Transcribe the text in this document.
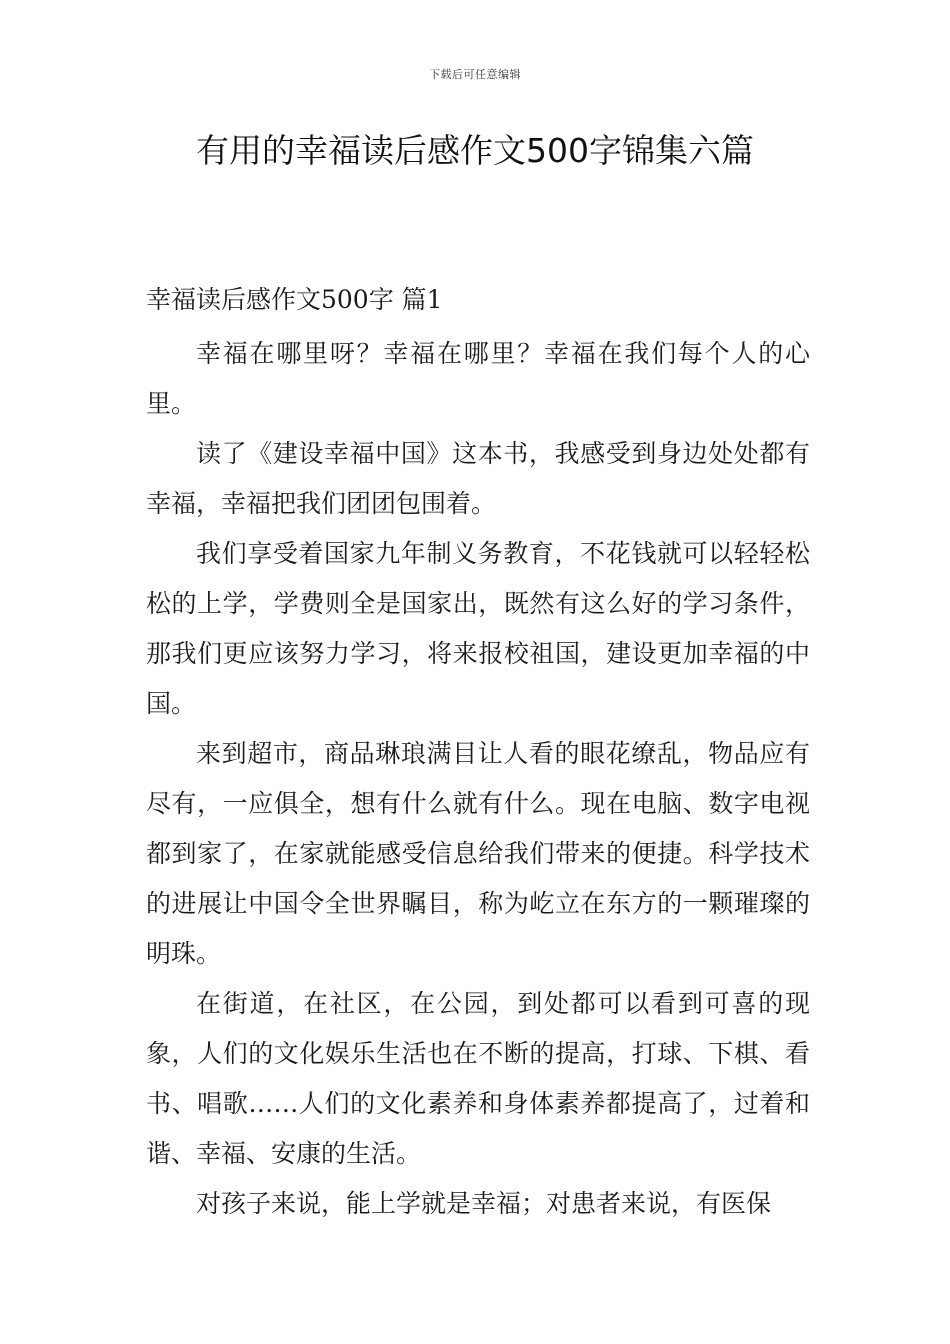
下载后可任意编辑
有用的幸福读后感作文500字锦集六篇
幸福读后感作文500字 篇1

幸福在哪里呀？幸福在哪里？幸福在我们每个人的心里。

读了《建设幸福中国》这本书，我感受到身边处处都有幸福，幸福把我们团团包围着。

我们享受着国家九年制义务教育，不花钱就可以轻轻松松的上学，学费则全是国家出，既然有这么好的学习条件，那我们更应该努力学习，将来报校祖国，建设更加幸福的中国。

来到超市，商品琳琅满目让人看的眼花缭乱，物品应有尽有，一应俱全，想有什么就有什么。现在电脑、数字电视都到家了，在家就能感受信息给我们带来的便捷。科学技术的进展让中国令全世界瞩目，称为屹立在东方的一颗璀璨的明珠。

在街道，在社区，在公园，到处都可以看到可喜的现象，人们的文化娱乐生活也在不断的提高，打球、下棋、看书、唱歌……人们的文化素养和身体素养都提高了，过着和谐、幸福、安康的生活。

对孩子来说，能上学就是幸福；对患者来说，有医保
